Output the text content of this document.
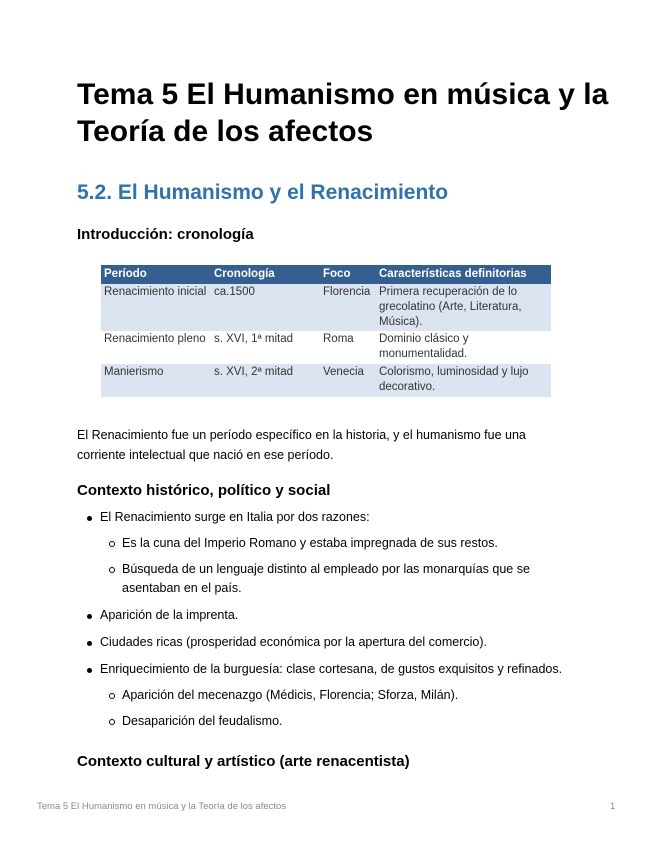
Tema 5 El Humanismo en música y la Teoría de los afectos
5.2. El Humanismo y el Renacimiento
Introducción: cronología
Período	Cronología	Foco	Características definitorias
Renacimiento inicial	ca.1500	Florencia	Primera recuperación de lo grecolatino (Arte, Literatura, Música).
Renacimiento pleno	s. XVI, 1ª mitad	Roma	Dominio clásico y monumentalidad.
Manierismo	s. XVI, 2ª mitad	Venecia	Colorismo, luminosidad y lujo decorativo.

El Renacimiento fue un período específico en la historia, y el humanismo fue una corriente intelectual que nació en ese período.

Contexto histórico, político y social
El Renacimiento surge en Italia por dos razones:
Es la cuna del Imperio Romano y estaba impregnada de sus restos.
Búsqueda de un lenguaje distinto al empleado por las monarquías que se asentaban en el país.
Aparición de la imprenta.
Ciudades ricas (prosperidad económica por la apertura del comercio).
Enriquecimiento de la burguesía: clase cortesana, de gustos exquisitos y refinados.
Aparición del mecenazgo (Médicis, Florencia; Sforza, Milán).
Desaparición del feudalismo.
Contexto cultural y artístico (arte renacentista)
Tema 5 El Humanismo en música y la Teoría de los afectos	1
